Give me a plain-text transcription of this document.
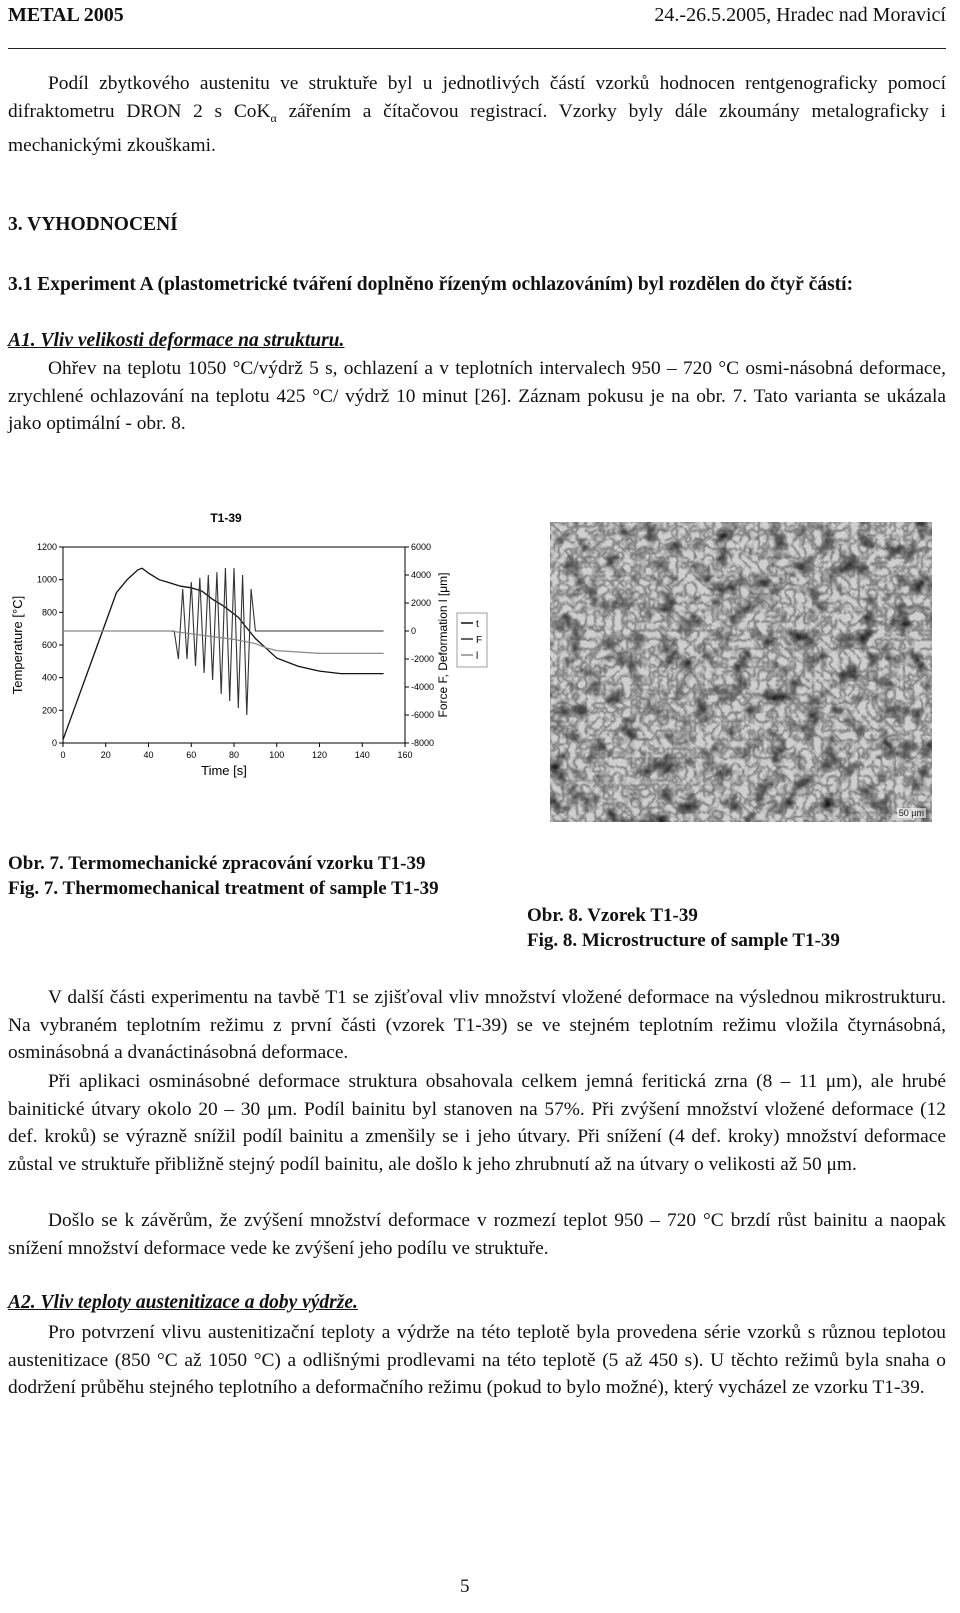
METAL 2005	24.-26.5.2005, Hradec nad Moravicí

Podíl zbytkového austenitu ve struktuře byl u jednotlivých částí vzorků hodnocen rentgenograficky pomocí difraktometru DRON 2 s CoK$_\alpha$ zářením a čítačovou registrací. Vzorky byly dále zkoumány metalograficky i mechanickými zkouškami.

3. VYHODNOCENÍ

3.1 Experiment A (plastometrické tváření doplněno řízeným ochlazováním) byl rozdělen do čtyř částí:

A1. Vliv velikosti deformace na strukturu.

Ohřev na teplotu 1050 °C/výdrž 5 s, ochlazení a v teplotních intervalech 950 – 720 °C osmi-násobná deformace, zrychlené ochlazování na teplotu 425 °C/ výdrž 10 minut [26]. Záznam pokusu je na obr. 7. Tato varianta se ukázala jako optimální - obr. 8.

T1-39
0	20	40	60	80	100	120	140	160
0
200
400
600
800
1000
1200
-8000
-6000
-4000
-2000
0
2000
4000
6000
Time [s]
Temperature [°C]	Force F, Deformation l [μm]	t
F
l
50 μm

Obr. 7. Termomechanické zpracování vzorku T1-39

Fig. 7. Thermomechanical treatment of sample T1-39

Obr. 8. Vzorek T1-39

Fig. 8. Microstructure of sample T1-39

V další části experimentu na tavbě T1 se zjišťoval vliv množství vložené deformace na výslednou mikrostrukturu. Na vybraném teplotním režimu z první části (vzorek T1-39) se ve stejném teplotním režimu vložila čtyrnásobná, osminásobná a dvanáctinásobná deformace.

Při aplikaci osminásobné deformace struktura obsahovala celkem jemná feritická zrna (8 – 11 μm), ale hrubé bainitické útvary okolo 20 – 30 μm. Podíl bainitu byl stanoven na 57%. Při zvýšení množství vložené deformace (12 def. kroků) se výrazně snížil podíl bainitu a zmenšily se i jeho útvary. Při snížení (4 def. kroky) množství deformace zůstal ve struktuře přibližně stejný podíl bainitu, ale došlo k jeho zhrubnutí až na útvary o velikosti až 50 μm.

Došlo se k závěrům, že zvýšení množství deformace v rozmezí teplot 950 – 720 °C brzdí růst bainitu a naopak snížení množství deformace vede ke zvýšení jeho podílu ve struktuře.

A2. Vliv teploty austenitizace a doby výdrže.

Pro potvrzení vlivu austenitizační teploty a výdrže na této teplotě byla provedena série vzorků s různou teplotou austenitizace (850 °C až 1050 °C) a odlišnými prodlevami na této teplotě (5 až 450 s). U těchto režimů byla snaha o dodržení průběhu stejného teplotního a deformačního režimu (pokud to bylo možné), který vycházel ze vzorku T1-39.

5
